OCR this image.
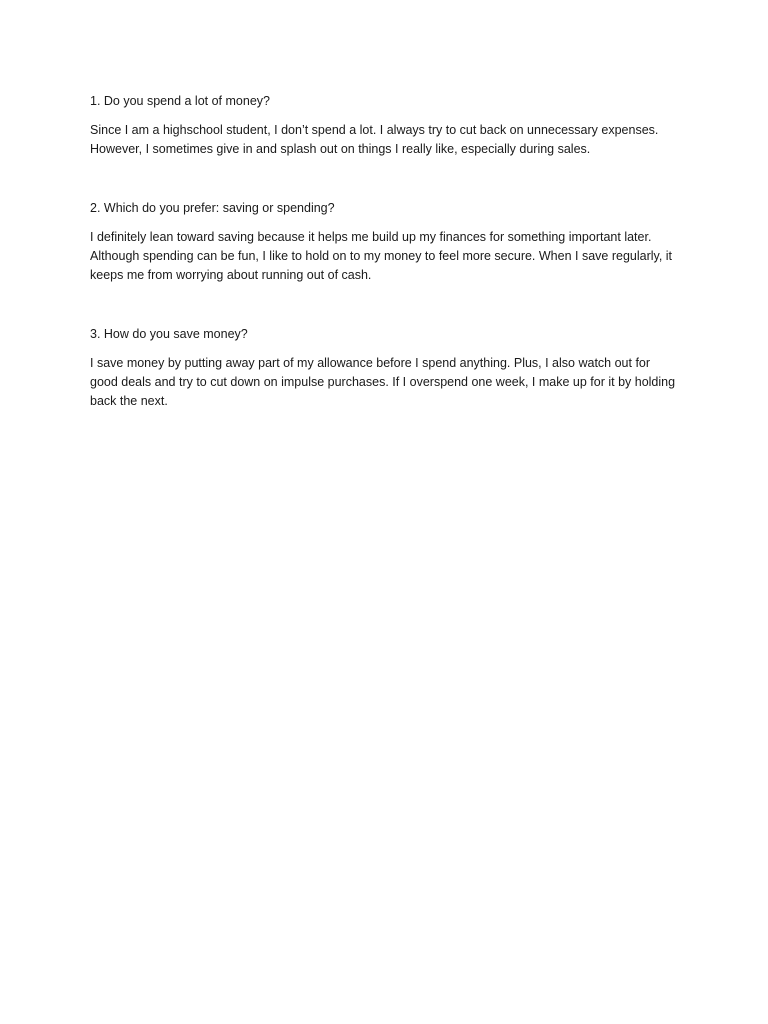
1. Do you spend a lot of money?

Since I am a highschool student, I don’t spend a lot. I always try to cut back on unnecessary expenses. However, I sometimes give in and splash out on things I really like, especially during sales.

2. Which do you prefer: saving or spending?

I definitely lean toward saving because it helps me build up my finances for something important later. Although spending can be fun, I like to hold on to my money to feel more secure. When I save regularly, it keeps me from worrying about running out of cash.

3. How do you save money?

I save money by putting away part of my allowance before I spend anything. Plus, I also watch out for good deals and try to cut down on impulse purchases. If I overspend one week, I make up for it by holding back the next.
